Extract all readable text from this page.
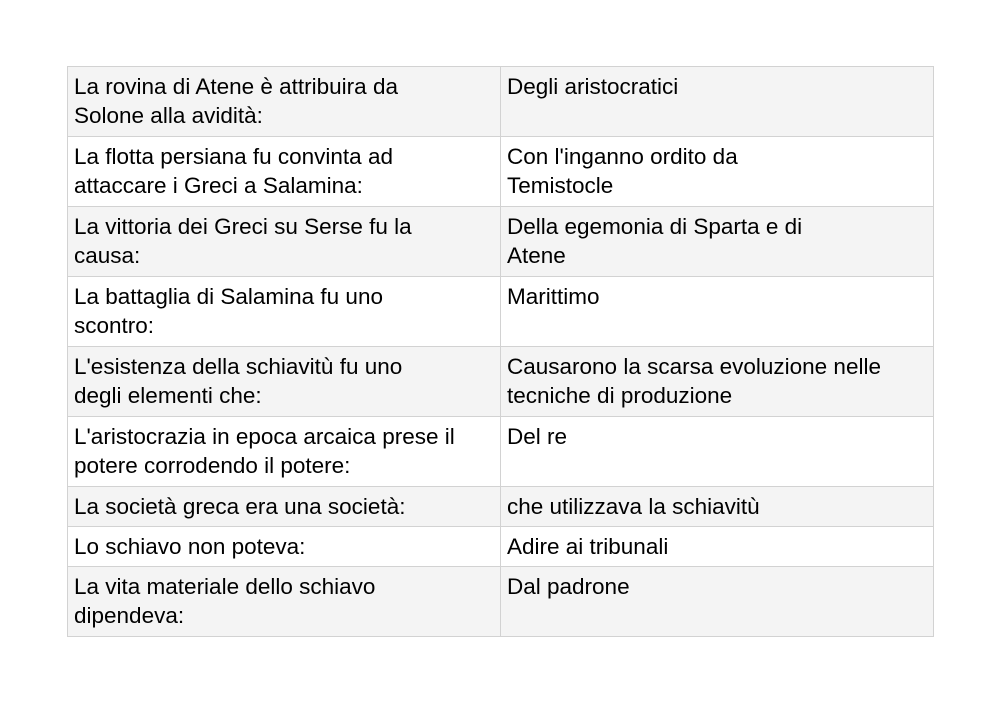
La rovina di Atene è attribuira da
Solone alla avidità:	Degli aristocratici
La flotta persiana fu convinta ad
attaccare i Greci a Salamina:	Con l'inganno ordito da
Temistocle
La vittoria dei Greci su Serse fu la
causa:	Della egemonia di Sparta e di
Atene
La battaglia di Salamina fu uno
scontro:	Marittimo
L'esistenza della schiavitù fu uno
degli elementi che:	Causarono la scarsa evoluzione nelle
tecniche di produzione
L'aristocrazia in epoca arcaica prese il
potere corrodendo il potere:	Del re
La società greca era una società:	che utilizzava la schiavitù
Lo schiavo non poteva:	Adire ai tribunali
La vita materiale dello schiavo
dipendeva:	Dal padrone
